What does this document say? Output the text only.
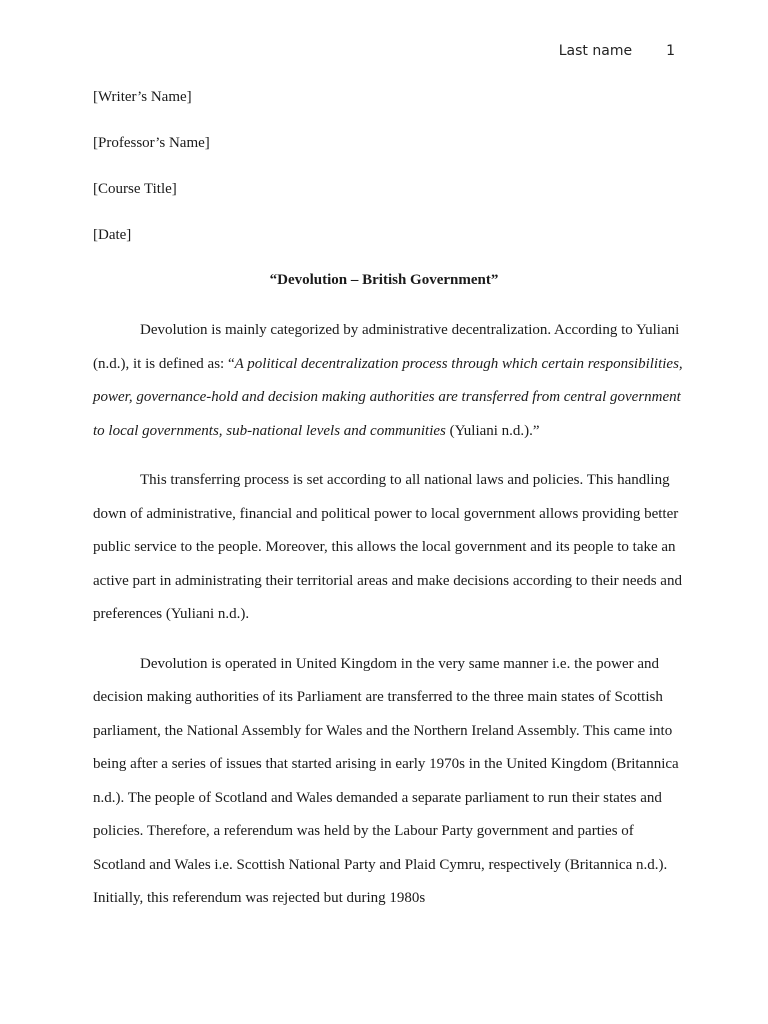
Last name 1
[Writer’s Name]
[Professor’s Name]
[Course Title]
[Date]
“Devolution – British Government”

Devolution is mainly categorized by administrative decentralization. According to Yuliani (n.d.), it is defined as: “A political decentralization process through which certain responsibilities, power, governance-hold and decision making authorities are transferred from central government to local governments, sub-national levels and communities (Yuliani n.d.).”

This transferring process is set according to all national laws and policies. This handling down of administrative, financial and political power to local government allows providing better public service to the people. Moreover, this allows the local government and its people to take an active part in administrating their territorial areas and make decisions according to their needs and preferences (Yuliani n.d.).

Devolution is operated in United Kingdom in the very same manner i.e. the power and decision making authorities of its Parliament are transferred to the three main states of Scottish parliament, the National Assembly for Wales and the Northern Ireland Assembly. This came into being after a series of issues that started arising in early 1970s in the United Kingdom (Britannica n.d.). The people of Scotland and Wales demanded a separate parliament to run their states and policies. Therefore, a referendum was held by the Labour Party government and parties of Scotland and Wales i.e. Scottish National Party and Plaid Cymru, respectively (Britannica n.d.). Initially, this referendum was rejected but during 1980s
